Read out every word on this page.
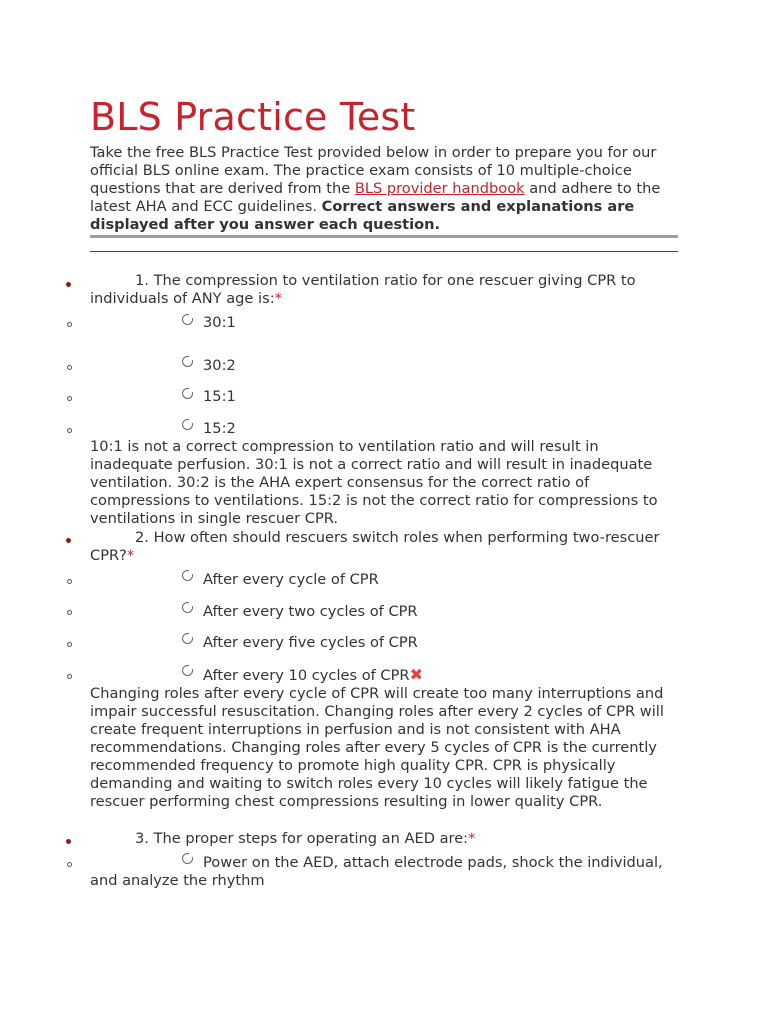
BLS Practice Test

Take the free BLS Practice Test provided below in order to prepare you for our official BLS online exam. The practice exam consists of 10 multiple-choice questions that are derived from the BLS provider handbook and adhere to the latest AHA and ECC guidelines. Correct answers and explanations are displayed after you answer each question.

1. The compression to ventilation ratio for one rescuer giving CPR to individuals of ANY age is:*
30:1
30:2
15:1
15:2
10:1 is not a correct compression to ventilation ratio and will result in inadequate perfusion. 30:1 is not a correct ratio and will result in inadequate ventilation. 30:2 is the AHA expert consensus for the correct ratio of compressions to ventilations. 15:2 is not the correct ratio for compressions to ventilations in single rescuer CPR.
2. How often should rescuers switch roles when performing two-rescuer CPR?*
After every cycle of CPR
After every two cycles of CPR
After every five cycles of CPR
After every 10 cycles of CPR✖
Changing roles after every cycle of CPR will create too many interruptions and impair successful resuscitation. Changing roles after every 2 cycles of CPR will create frequent interruptions in perfusion and is not consistent with AHA recommendations. Changing roles after every 5 cycles of CPR is the currently recommended frequency to promote high quality CPR. CPR is physically demanding and waiting to switch roles every 10 cycles will likely fatigue the rescuer performing chest compressions resulting in lower quality CPR.
3. The proper steps for operating an AED are:*
Power on the AED, attach electrode pads, shock the individual, and analyze the rhythm
